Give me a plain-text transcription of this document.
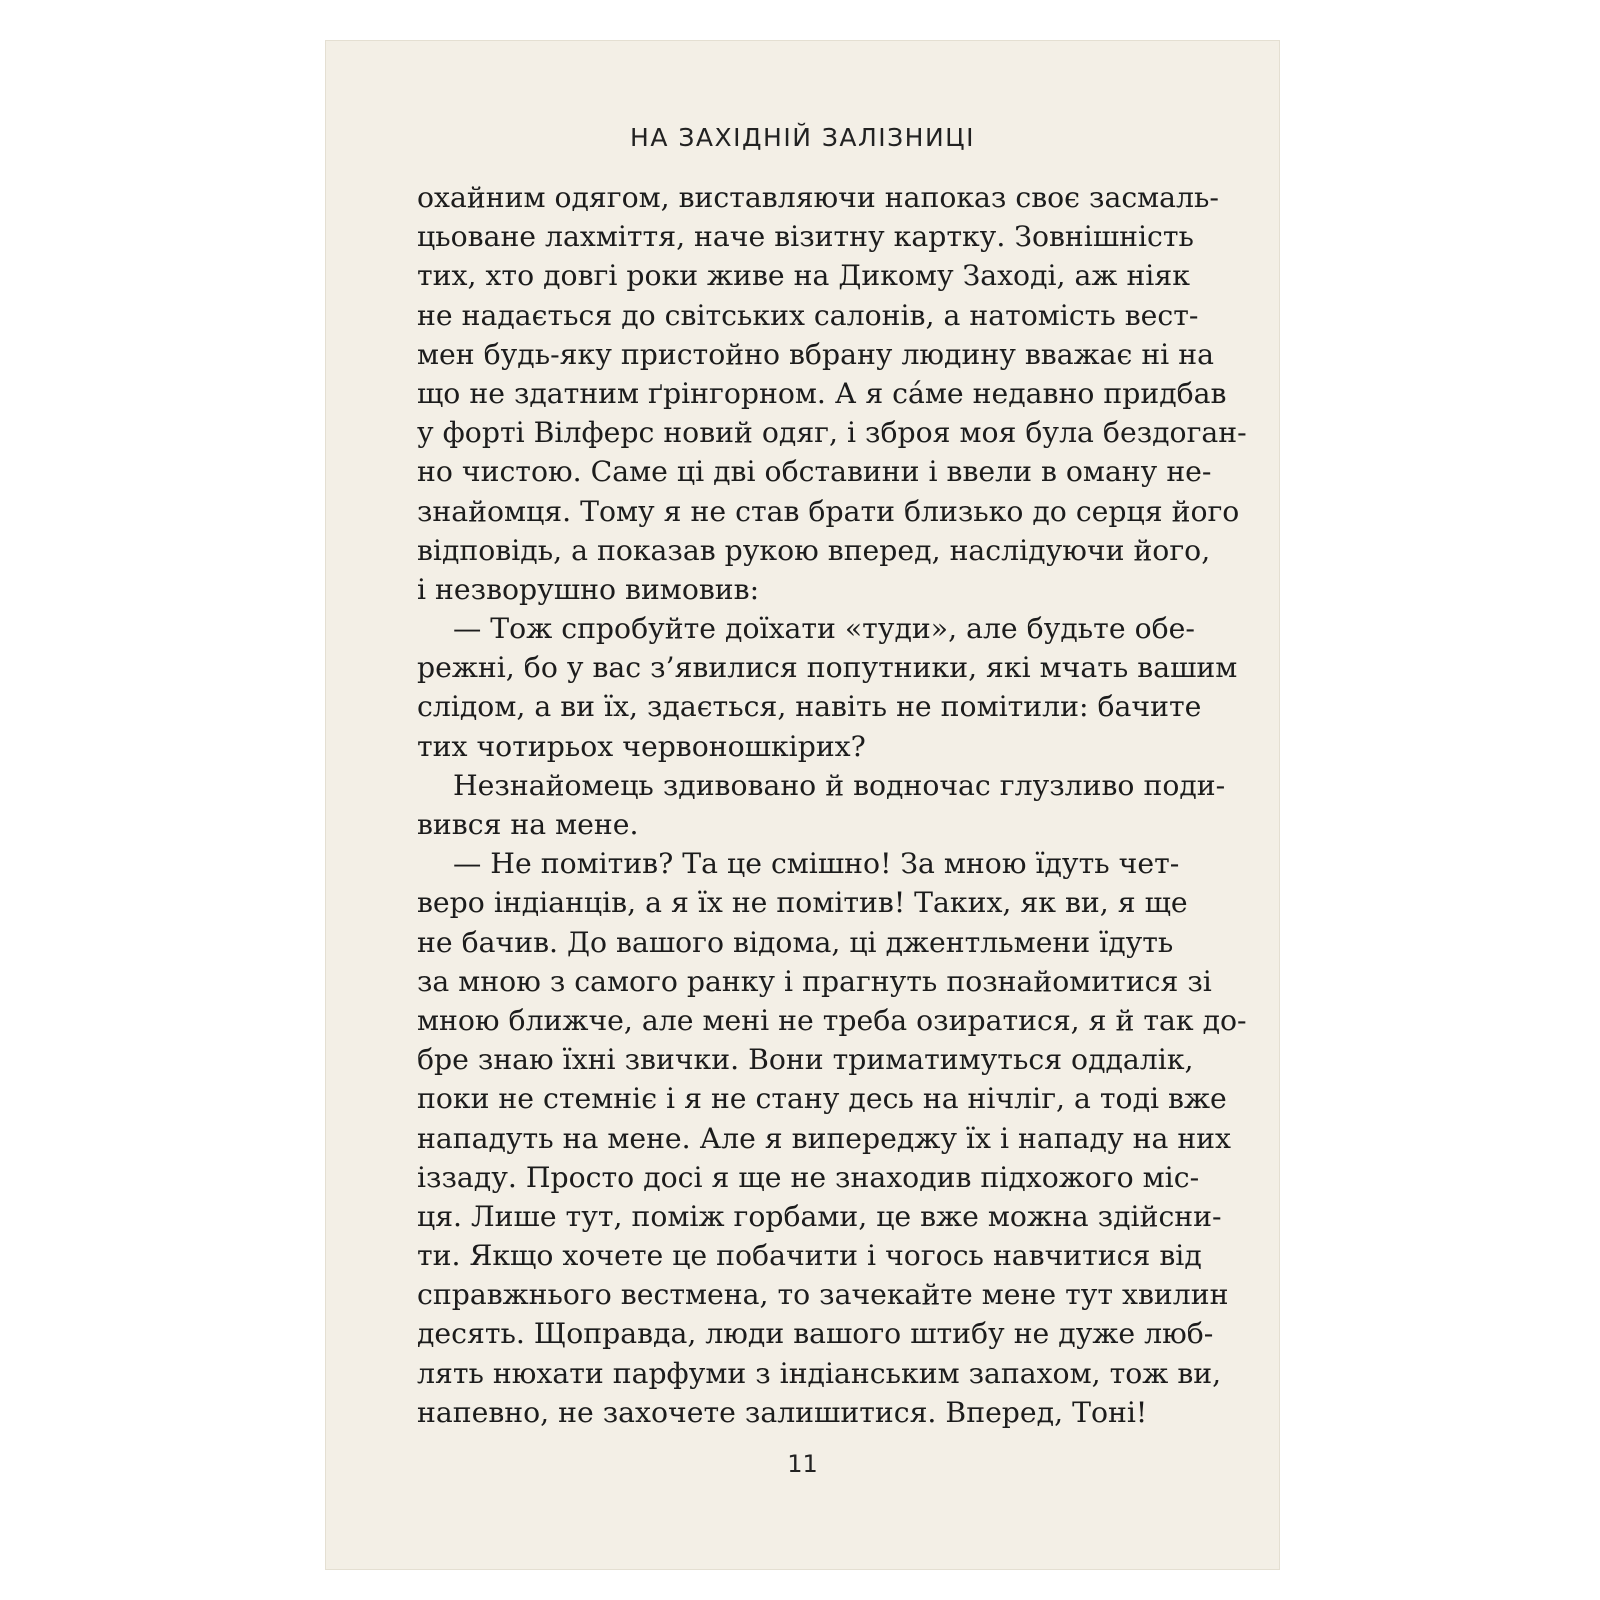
НА ЗАХІДНІЙ ЗАЛІЗНИЦІ
охайним одягом, виставляючи напоказ своє засмаль-
цьоване лахміття, наче візитну картку. Зовнішність
тих, хто довгі роки живе на Дикому Заході, аж ніяк
не надається до світських салонів, а натомість вест-
мен будь-яку пристойно вбрану людину вважає ні на
що не здатним ґрінгорном. А я са́ме недавно придбав
у форті Вілферс новий одяг, і зброя моя була бездоган-
но чистою. Саме ці дві обставини і ввели в оману не-
знайомця. Тому я не став брати близько до серця його
відповідь, а показав рукою вперед, наслідуючи його,
і незворушно вимовив:
— Тож спробуйте доїхати «туди», але будьте обе-
режні, бо у вас з’явилися попутники, які мчать вашим
слідом, а ви їх, здається, навіть не помітили: бачите
тих чотирьох червоношкірих?
Незнайомець здивовано й водночас глузливо поди-
вився на мене.
— Не помітив? Та це смішно! За мною їдуть чет-
веро індіанців, а я їх не помітив! Таких, як ви, я ще
не бачив. До вашого відома, ці джентльмени їдуть
за мною з самого ранку і прагнуть познайомитися зі
мною ближче, але мені не треба озиратися, я й так до-
бре знаю їхні звички. Вони триматимуться оддалік,
поки не стемніє і я не стану десь на нічліг, а тоді вже
нападуть на мене. Але я випереджу їх і нападу на них
іззаду. Просто досі я ще не знаходив підхожого міс-
ця. Лише тут, поміж горбами, це вже можна здійсни-
ти. Якщо хочете це побачити і чогось навчитися від
справжнього вестмена, то зачекайте мене тут хвилин
десять. Щоправда, люди вашого штибу не дуже люб-
лять нюхати парфуми з індіанським запахом, тож ви,
напевно, не захочете залишитися. Вперед, Тоні!
11
